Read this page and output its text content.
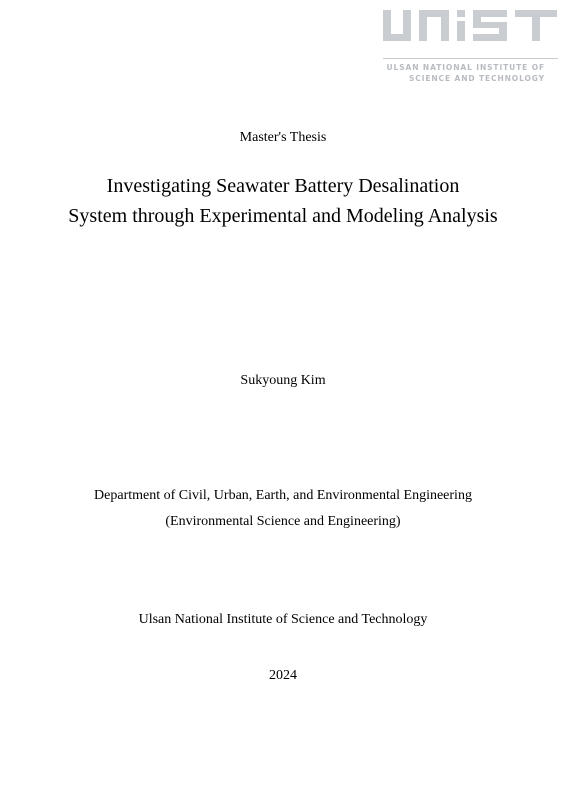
ULSAN NATIONAL INSTITUTE OF
SCIENCE AND TECHNOLOGY
Master's Thesis
Investigating Seawater Battery Desalination
System through Experimental and Modeling Analysis
Sukyoung Kim
Department of Civil, Urban, Earth, and Environmental Engineering
(Environmental Science and Engineering)
Ulsan National Institute of Science and Technology
2024
